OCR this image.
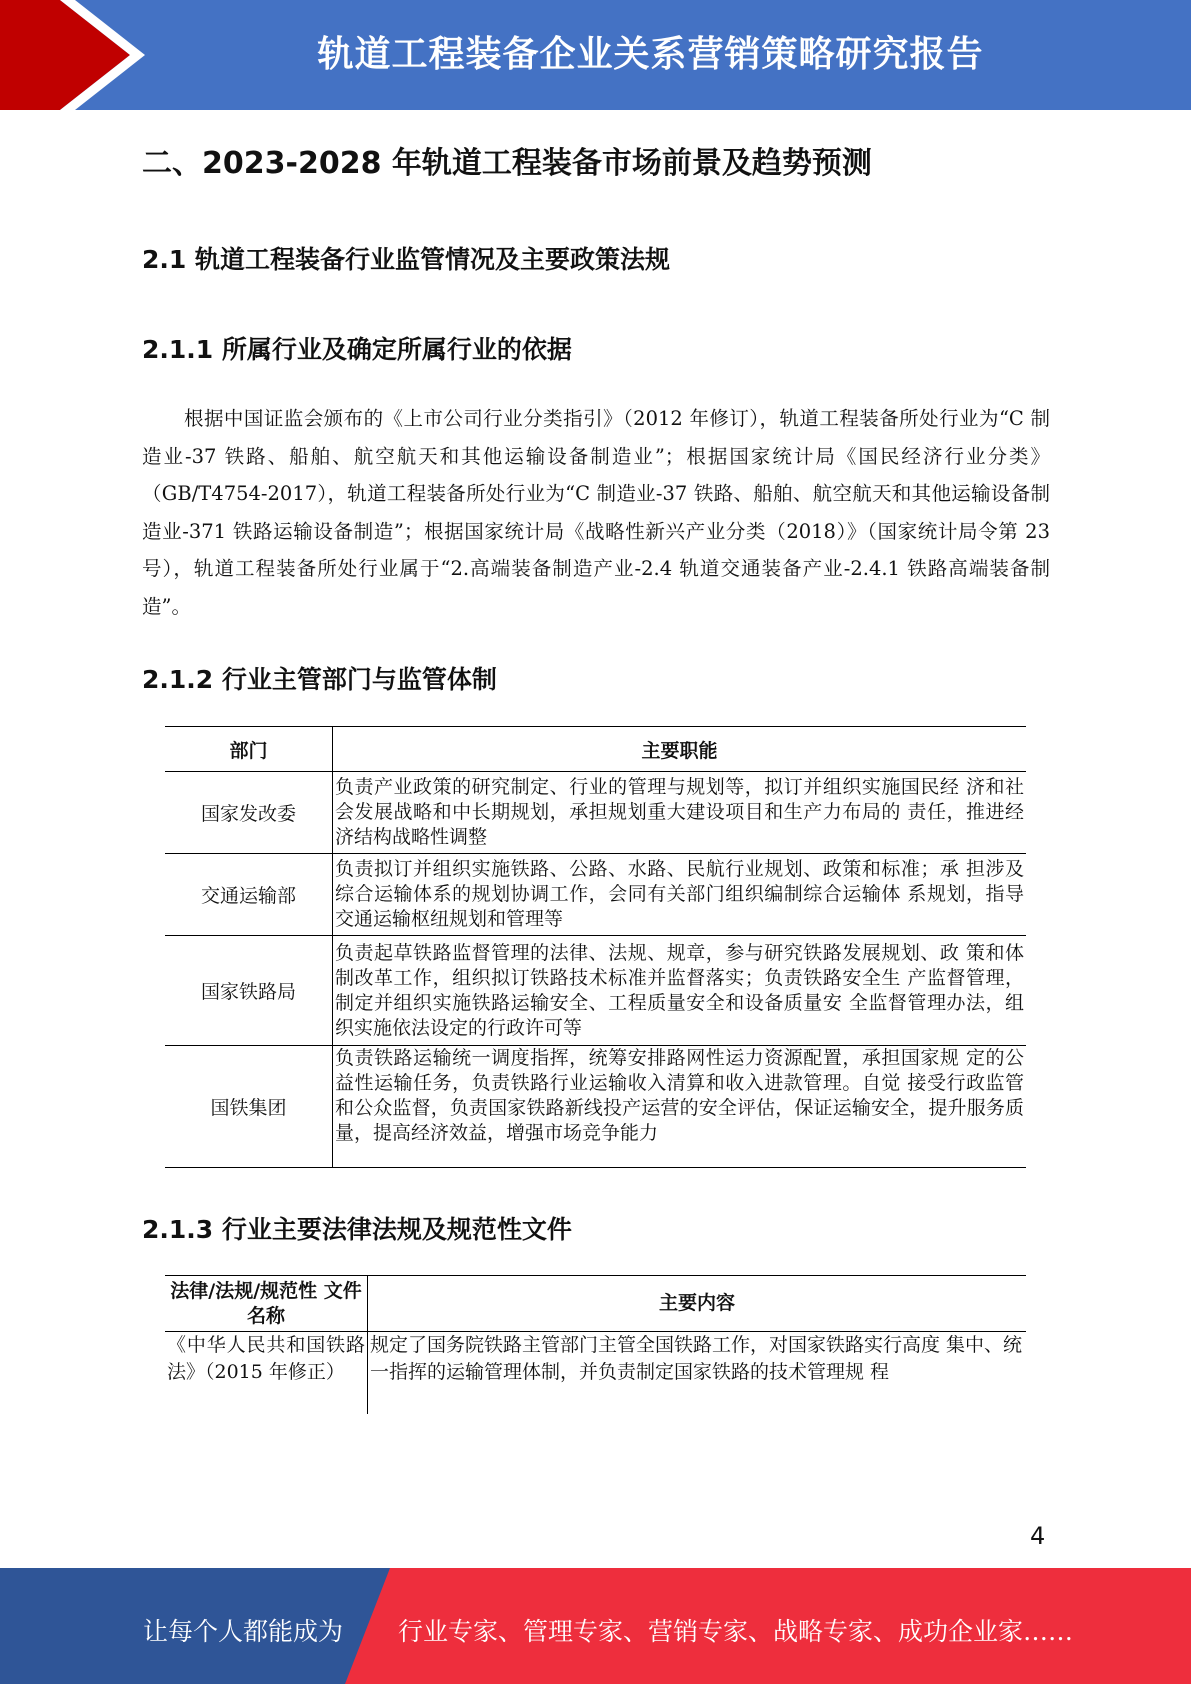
轨道工程装备企业关系营销策略研究报告
二、2023-2028 年轨道工程装备市场前景及趋势预测
2.1 轨道工程装备行业监管情况及主要政策法规
2.1.1 所属行业及确定所属行业的依据

根据中国证监会颁布的《上市公司行业分类指引》（2012 年修订），轨道工程装备所处行业为“C 制造业-37 铁路、船舶、航空航天和其他运输设备制造业”；根据国家统计局《国民经济行业分类》（GB/T4754-2017），轨道工程装备所处行业为“C 制造业-37 铁路、船舶、航空航天和其他运输设备制造业-371 铁路运输设备制造”；根据国家统计局《战略性新兴产业分类（2018）》（国家统计局令第 23 号），轨道工程装备所处行业属于“2.高端装备制造产业-2.4 轨道交通装备产业-2.4.1 铁路高端装备制造”。

2.1.2 行业主管部门与监管体制
部门	主要职能
国家发改委	负责产业政策的研究制定、行业的管理与规划等，拟订并组织实施国民经 济和社会发展战略和中长期规划，承担规划重大建设项目和生产力布局的 责任，推进经济结构战略性调整
交通运输部	负责拟订并组织实施铁路、公路、水路、民航行业规划、政策和标准；承 担涉及综合运输体系的规划协调工作，会同有关部门组织编制综合运输体 系规划，指导交通运输枢纽规划和管理等
国家铁路局	负责起草铁路监督管理的法律、法规、规章，参与研究铁路发展规划、政 策和体制改革工作，组织拟订铁路技术标准并监督落实；负责铁路安全生 产监督管理，制定并组织实施铁路运输安全、工程质量安全和设备质量安 全监督管理办法，组织实施依法设定的行政许可等
国铁集团	负责铁路运输统一调度指挥，统筹安排路网性运力资源配置，承担国家规 定的公益性运输任务，负责铁路行业运输收入清算和收入进款管理。自觉 接受行政监管和公众监督，负责国家铁路新线投产运营的安全评估，保证运输安全，提升服务质量，提高经济效益，增强市场竞争能力
2.1.3 行业主要法律法规及规范性文件
法律/法规/规范性 文件名称	主要内容
《中华人民共和国铁路法》（2015 年修正）	规定了国务院铁路主管部门主管全国铁路工作，对国家铁路实行高度 集中、统一指挥的运输管理体制，并负责制定国家铁路的技术管理规 程
4
让每个人都能成为 行业专家、管理专家、营销专家、战略专家、成功企业家……
